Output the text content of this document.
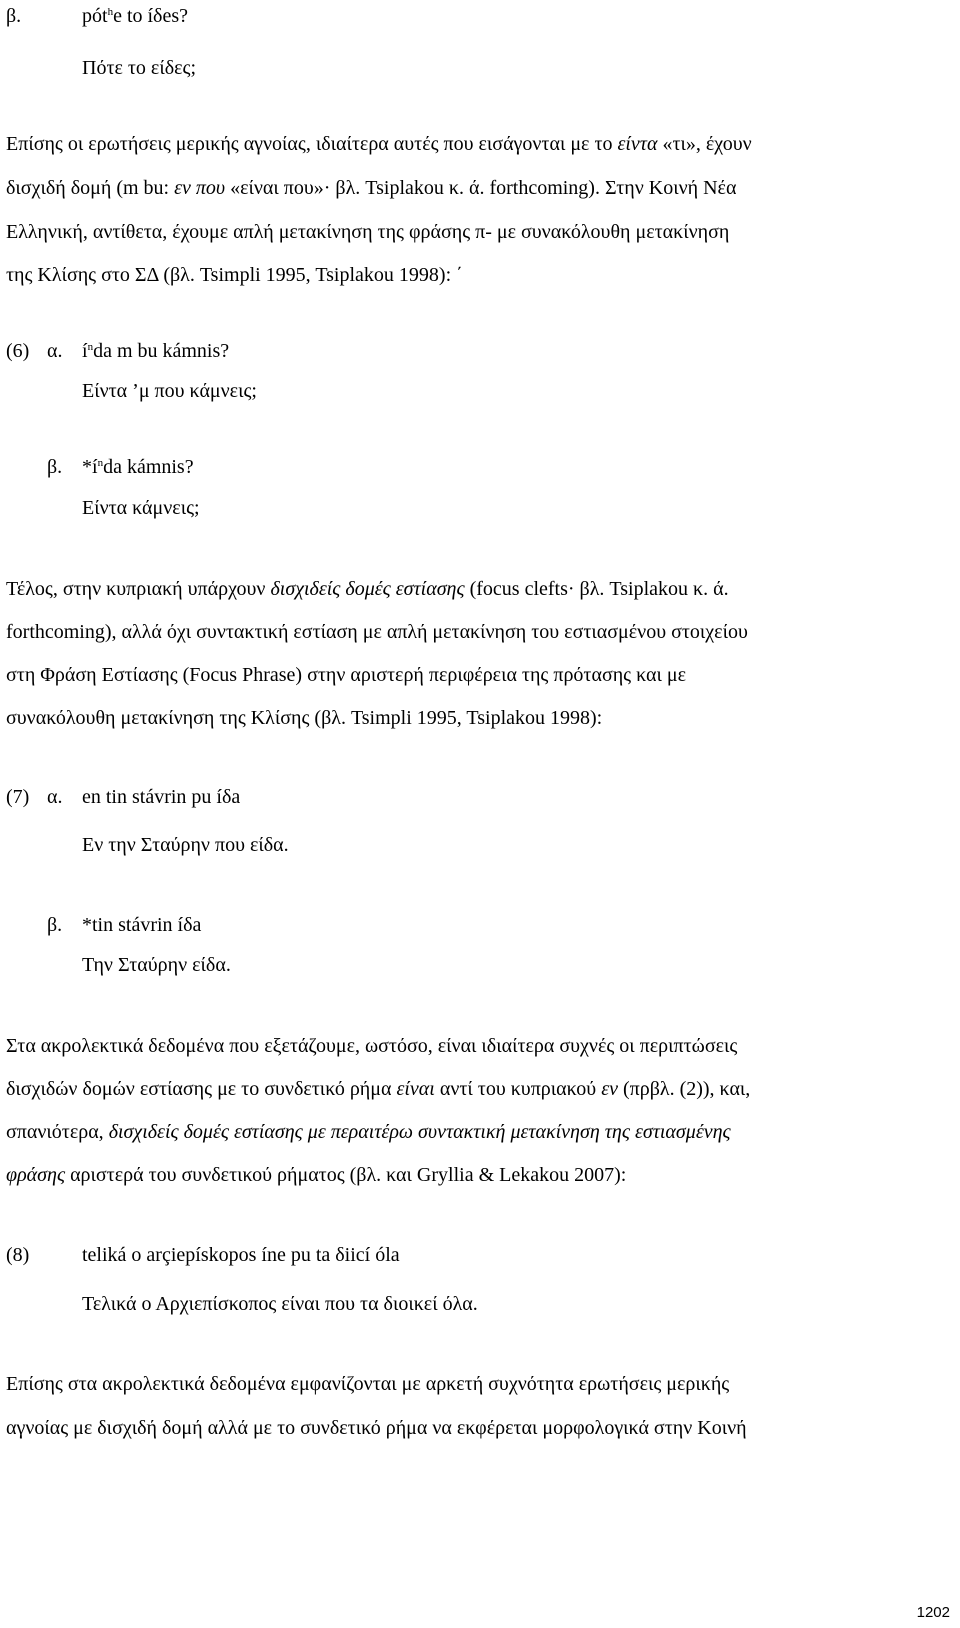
β.	pót$^h$e to íδes?
Πότε το είδες;
Επίσης οι ερωτήσεις μερικής αγνοίας, ιδιαίτερα αυτές που εισάγονται με το είντα «τι», έχουν
δισχιδή δομή (m bu: εν που «είναι που»· βλ. Tsiplakou κ. ά. forthcoming). Στην Κοινή Νέα
Ελληνική, αντίθετα, έχουμε απλή μετακίνηση της φράσης π- με συνακόλουθη μετακίνηση
της Κλίσης στο ΣΔ (βλ. Tsimpli 1995, Tsiplakou 1998): ΄
(6) α. $í^nda$ m bu kámnis?
Είντα ’μ που κάμνεις;
β. $*í^nda$ kámnis?
Είντα κάμνεις;
Τέλος, στην κυπριακή υπάρχουν δισχιδείς δομές εστίασης (focus clefts· βλ. Tsiplakou κ. ά.
forthcoming), αλλά όχι συντακτική εστίαση με απλή μετακίνηση του εστιασμένου στοιχείου
στη Φράση Εστίασης (Focus Phrase) στην αριστερή περιφέρεια της πρότασης και με
συνακόλουθη μετακίνηση της Κλίσης (βλ. Tsimpli 1995, Tsiplakou 1998):
(7) α. en tin stávrin pu íδa
Εν την Σταύρην που είδα.
β. *tin stávrin íδa
Την Σταύρην είδα.
Στα ακρολεκτικά δεδομένα που εξετάζουμε, ωστόσο, είναι ιδιαίτερα συχνές οι περιπτώσεις
δισχιδών δομών εστίασης με το συνδετικό ρήμα είναι αντί του κυπριακού εν (πρβλ. (2)), και,
σπανιότερα, δισχιδείς δομές εστίασης με περαιτέρω συντακτική μετακίνηση της εστιασμένης
φράσης αριστερά του συνδετικού ρήματος (βλ. και Gryllia & Lekakou 2007):
(8)	teliká o arçiepískopos íne pu ta δiicí óla
Τελικά ο Αρχιεπίσκοπος είναι που τα διοικεί όλα.
Επίσης στα ακρολεκτικά δεδομένα εμφανίζονται με αρκετή συχνότητα ερωτήσεις μερικής
αγνοίας με δισχιδή δομή αλλά με το συνδετικό ρήμα να εκφέρεται μορφολογικά στην Κοινή
1202
